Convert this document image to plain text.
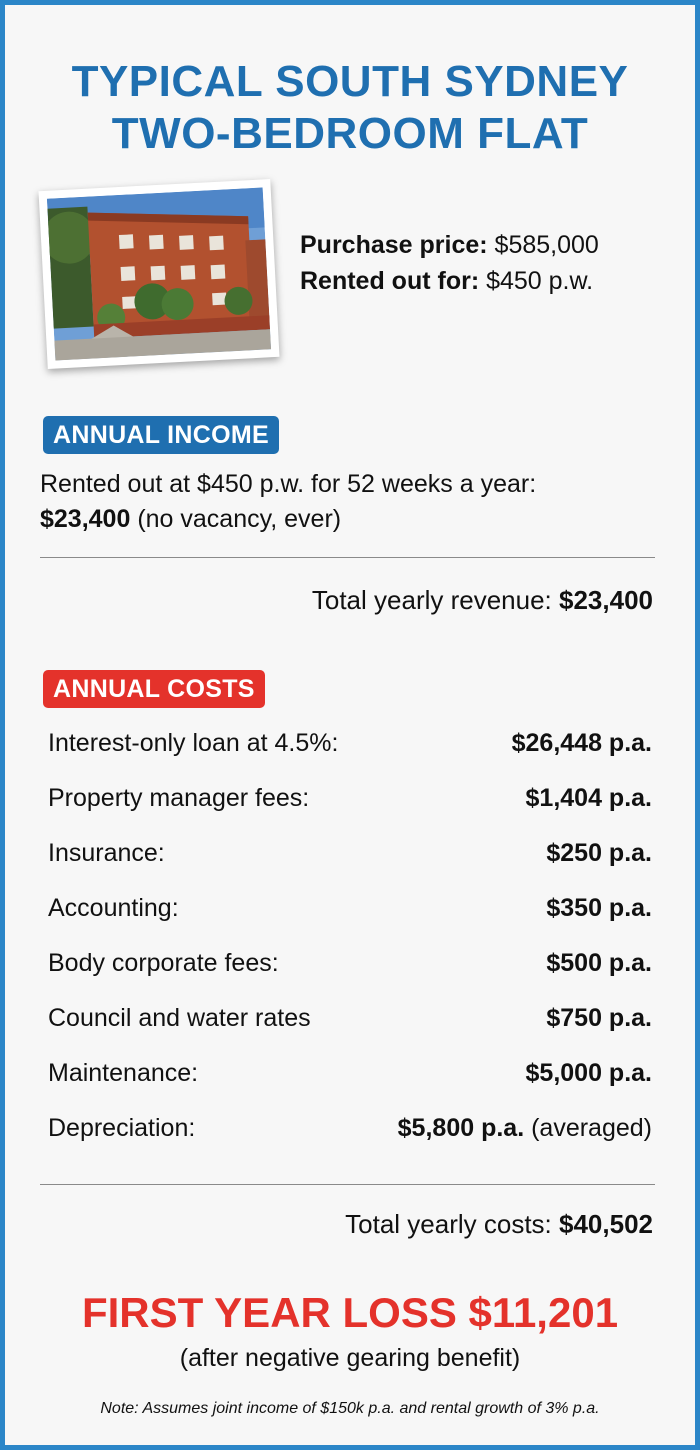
TYPICAL SOUTH SYDNEY
TWO-BEDROOM FLAT
Purchase price: $585,000
Rented out for: $450 p.w.
ANNUAL INCOME
Rented out at $450 p.w. for 52 weeks a year:
$23,400 (no vacancy, ever)
Total yearly revenue: $23,400
ANNUAL COSTS
Interest-only loan at 4.5%:	$26,448 p.a.
Property manager fees:	$1,404 p.a.
Insurance:	$250 p.a.
Accounting:	$350 p.a.
Body corporate fees:	$500 p.a.
Council and water rates	$750 p.a.
Maintenance:	$5,000 p.a.
Depreciation:	$5,800 p.a. (averaged)
Total yearly costs: $40,502
FIRST YEAR LOSS $11,201
(after negative gearing benefit)
Note: Assumes joint income of $150k p.a. and rental growth of 3% p.a.
